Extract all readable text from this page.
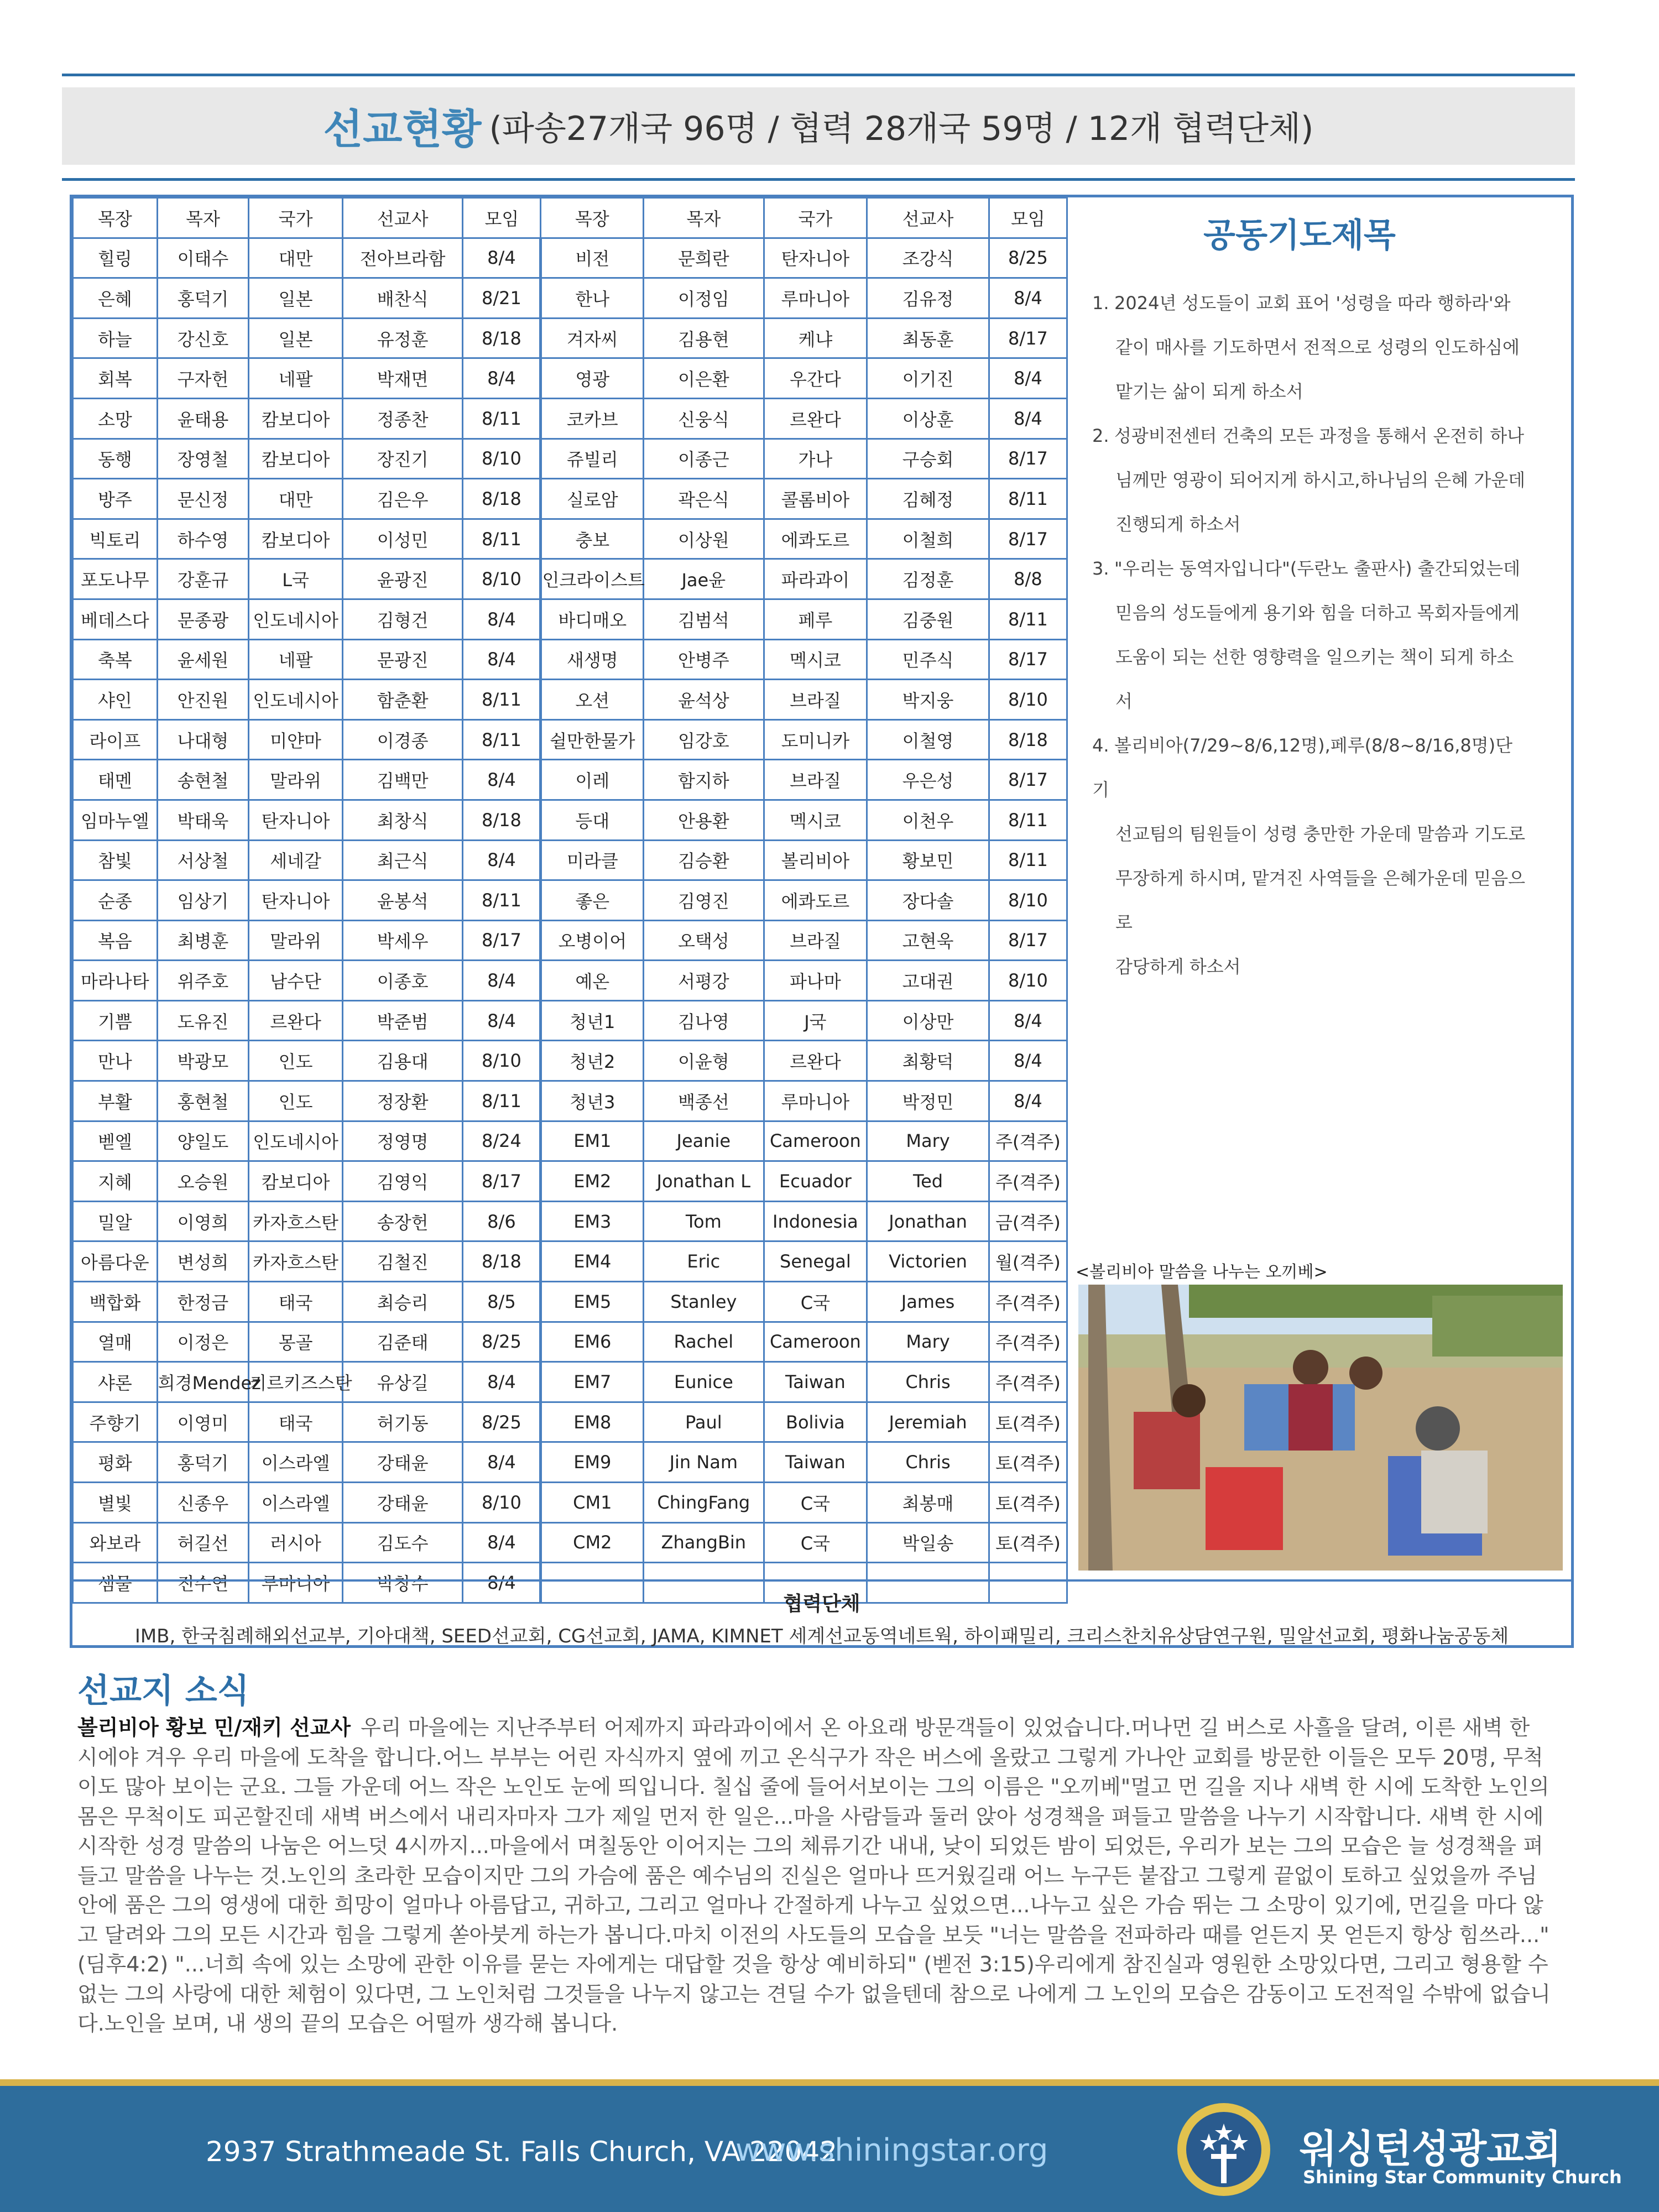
선교현황 (파송27개국 96명 / 협력 28개국 59명 / 12개 협력단체)
목장	목자	국가	선교사	모임	목장	목자	국가	선교사	모임
힐링	이태수	대만	전아브라함	8/4	비전	문희란	탄자니아	조강식	8/25
은혜	홍덕기	일본	배찬식	8/21	한나	이정임	루마니아	김유정	8/4
하늘	강신호	일본	유정훈	8/18	겨자씨	김용현	케냐	최동훈	8/17
회복	구자헌	네팔	박재면	8/4	영광	이은환	우간다	이기진	8/4
소망	윤태용	캄보디아	정종찬	8/11	코카브	신웅식	르완다	이상훈	8/4
동행	장영철	캄보디아	장진기	8/10	쥬빌리	이종근	가나	구승회	8/17
방주	문신정	대만	김은우	8/18	실로암	곽은식	콜롬비아	김혜정	8/11
빅토리	하수영	캄보디아	이성민	8/11	충보	이상원	에콰도르	이철희	8/17
포도나무	강훈규	L국	윤광진	8/10	인크라이스트	Jae윤	파라과이	김정훈	8/8
베데스다	문종광	인도네시아	김형건	8/4	바디매오	김범석	페루	김중원	8/11
축복	윤세원	네팔	문광진	8/4	새생명	안병주	멕시코	민주식	8/17
샤인	안진원	인도네시아	함춘환	8/11	오션	윤석상	브라질	박지웅	8/10
라이프	나대형	미얀마	이경종	8/11	쉴만한물가	임강호	도미니카	이철영	8/18
태멘	송현철	말라위	김백만	8/4	이레	함지하	브라질	우은성	8/17
임마누엘	박태욱	탄자니아	최창식	8/18	등대	안용환	멕시코	이천우	8/11
참빛	서상철	세네갈	최근식	8/4	미라클	김승환	볼리비아	황보민	8/11
순종	임상기	탄자니아	윤봉석	8/11	좋은	김영진	에콰도르	장다솔	8/10
복음	최병훈	말라위	박세우	8/17	오병이어	오택성	브라질	고현욱	8/17
마라나타	위주호	남수단	이종호	8/4	예온	서평강	파나마	고대권	8/10
기쁨	도유진	르완다	박준범	8/4	청년1	김나영	J국	이상만	8/4
만나	박광모	인도	김용대	8/10	청년2	이윤형	르완다	최황덕	8/4
부활	홍현철	인도	정장환	8/11	청년3	백종선	루마니아	박정민	8/4
벧엘	양일도	인도네시아	정영명	8/24	EM1	Jeanie	Cameroon	Mary	주(격주)
지혜	오승원	캄보디아	김영익	8/17	EM2	Jonathan L	Ecuador	Ted	주(격주)
밀알	이영희	카자흐스탄	송장헌	8/6	EM3	Tom	Indonesia	Jonathan	금(격주)
아름다운	변성희	카자흐스탄	김철진	8/18	EM4	Eric	Senegal	Victorien	월(격주)
백합화	한정금	태국	최승리	8/5	EM5	Stanley	C국	James	주(격주)
열매	이정은	몽골	김준태	8/25	EM6	Rachel	Cameroon	Mary	주(격주)
샤론	희경Mendez	키르키즈스탄	유상길	8/4	EM7	Eunice	Taiwan	Chris	주(격주)
주향기	이영미	태국	허기동	8/25	EM8	Paul	Bolivia	Jeremiah	토(격주)
평화	홍덕기	이스라엘	강태윤	8/4	EM9	Jin Nam	Taiwan	Chris	토(격주)
별빛	신종우	이스라엘	강태윤	8/10	CM1	ChingFang	C국	최봉매	토(격주)
와보라	허길선	러시아	김도수	8/4	CM2	ZhangBin	C국	박일송	토(격주)
샘물	진수연	루마니아	박창수	8/4					
공동기도제목
1. 2024년 성도들이 교회 표어 '성령을 따라 행하라'와
같이 매사를 기도하면서 전적으로 성령의 인도하심에
맡기는 삶이 되게 하소서
2. 성광비전센터 건축의 모든 과정을 통해서 온전히 하나
님께만 영광이 되어지게 하시고,하나님의 은혜 가운데
진행되게 하소서
3. "우리는 동역자입니다"(두란노 출판사) 출간되었는데
믿음의 성도들에게 용기와 힘을 더하고 목회자들에게
도움이 되는 선한 영향력을 일으키는 책이 되게 하소서
4. 볼리비아(7/29~8/6,12명),페루(8/8~8/16,8명)단기
선교팀의 팀원들이 성령 충만한 가운데 말씀과 기도로
무장하게 하시며, 맡겨진 사역들을 은혜가운데 믿음으로
감당하게 하소서
<볼리비아 말씀을 나누는 오끼베>
협력단체
IMB, 한국침례해외선교부, 기아대책, SEED선교회, CG선교회, JAMA, KIMNET 세계선교동역네트웍, 하이패밀리, 크리스찬치유상담연구원, 밀알선교회, 평화나눔공동체
선교지 소식
볼리비아 황보 민/재키 선교사 우리 마을에는 지난주부터 어제까지 파라과이에서 온 아요래 방문객들이 있었습니다.머나먼 길 버스로 사흘을 달려, 이른 새벽 한 시에야 겨우 우리 마을에 도착을 합니다.어느 부부는 어린 자식까지 옆에 끼고 온식구가 작은 버스에 올랐고 그렇게 가나안 교회를 방문한 이들은 모두 20명, 무척이도 많아 보이는 군요. 그들 가운데 어느 작은 노인도 눈에 띄입니다. 칠십 줄에 들어서보이는 그의 이름은 "오끼베"멀고 먼 길을 지나 새벽 한 시에 도착한 노인의 몸은 무척이도 피곤할진데 새벽 버스에서 내리자마자 그가 제일 먼저 한 일은...마을 사람들과 둘러 앉아 성경책을 펴들고 말씀을 나누기 시작합니다. 새벽 한 시에 시작한 성경 말씀의 나눔은 어느덧 4시까지...마을에서 며칠동안 이어지는 그의 체류기간 내내, 낮이 되었든 밤이 되었든, 우리가 보는 그의 모습은 늘 성경책을 펴들고 말씀을 나누는 것.노인의 초라한 모습이지만 그의 가슴에 품은 예수님의 진실은 얼마나 뜨거웠길래 어느 누구든 붙잡고 그렇게 끝없이 토하고 싶었을까 주님 안에 품은 그의 영생에 대한 희망이 얼마나 아름답고, 귀하고, 그리고 얼마나 간절하게 나누고 싶었으면...나누고 싶은 가슴 뛰는 그 소망이 있기에, 먼길을 마다 않고 달려와 그의 모든 시간과 힘을 그렇게 쏟아붓게 하는가 봅니다.마치 이전의 사도들의 모습을 보듯 "너는 말씀을 전파하라 때를 얻든지 못 얻든지 항상 힘쓰라..." (딤후4:2) "...너희 속에 있는 소망에 관한 이유를 묻는 자에게는 대답할 것을 항상 예비하되" (벧전 3:15)우리에게 참진실과 영원한 소망있다면, 그리고 형용할 수 없는 그의 사랑에 대한 체험이 있다면, 그 노인처럼 그것들을 나누지 않고는 견딜 수가 없을텐데 참으로 나에게 그 노인의 모습은 감동이고 도전적일 수밖에 없습니다.노인을 보며, 내 생의 끝의 모습은 어떨까 생각해 봅니다.
2937 Strathmeade St. Falls Church, VA 22042
www.shiningstar.org	워싱턴성광교회
Shining Star Community Church
